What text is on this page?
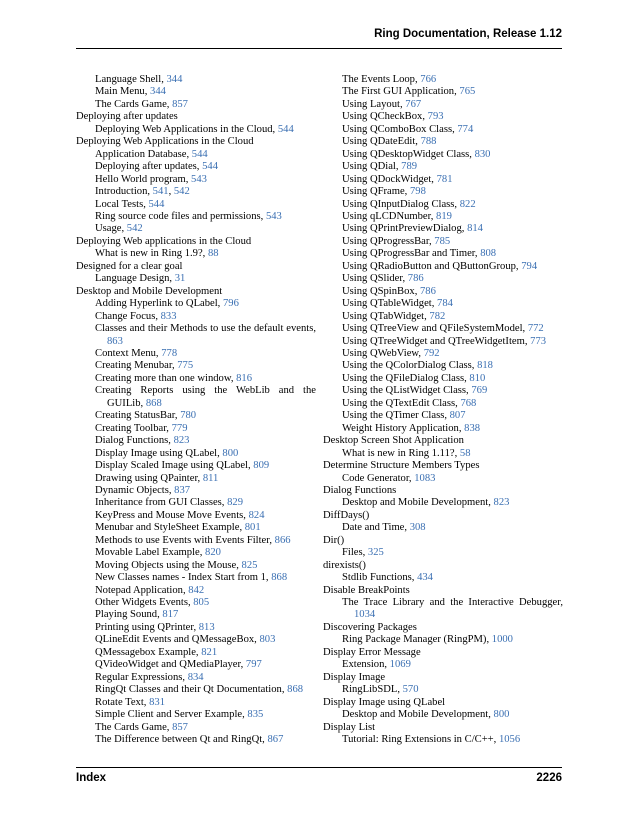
Ring Documentation, Release 1.12
Language Shell, 344
Main Menu, 344
The Cards Game, 857
Deploying after updates
Deploying Web Applications in the Cloud, 544
Deploying Web Applications in the Cloud
Application Database, 544
Deploying after updates, 544
Hello World program, 543
Introduction, 541, 542
Local Tests, 544
Ring source code files and permissions, 543
Usage, 542
Deploying Web applications in the Cloud
What is new in Ring 1.9?, 88
Designed for a clear goal
Language Design, 31
Desktop and Mobile Development
Adding Hyperlink to QLabel, 796
Change Focus, 833
Classes and their Methods to use the default events, 863
Context Menu, 778
Creating Menubar, 775
Creating more than one window, 816
Creating Reports using the WebLib and the GUILib, 868
Creating StatusBar, 780
Creating Toolbar, 779
Dialog Functions, 823
Display Image using QLabel, 800
Display Scaled Image using QLabel, 809
Drawing using QPainter, 811
Dynamic Objects, 837
Inheritance from GUI Classes, 829
KeyPress and Mouse Move Events, 824
Menubar and StyleSheet Example, 801
Methods to use Events with Events Filter, 866
Movable Label Example, 820
Moving Objects using the Mouse, 825
New Classes names - Index Start from 1, 868
Notepad Application, 842
Other Widgets Events, 805
Playing Sound, 817
Printing using QPrinter, 813
QLineEdit Events and QMessageBox, 803
QMessagebox Example, 821
QVideoWidget and QMediaPlayer, 797
Regular Expressions, 834
RingQt Classes and their Qt Documentation, 868
Rotate Text, 831
Simple Client and Server Example, 835
The Cards Game, 857
The Difference between Qt and RingQt, 867
The Events Loop, 766
The First GUI Application, 765
Using Layout, 767
Using QCheckBox, 793
Using QComboBox Class, 774
Using QDateEdit, 788
Using QDesktopWidget Class, 830
Using QDial, 789
Using QDockWidget, 781
Using QFrame, 798
Using QInputDialog Class, 822
Using qLCDNumber, 819
Using QPrintPreviewDialog, 814
Using QProgressBar, 785
Using QProgressBar and Timer, 808
Using QRadioButton and QButtonGroup, 794
Using QSlider, 786
Using QSpinBox, 786
Using QTableWidget, 784
Using QTabWidget, 782
Using QTreeView and QFileSystemModel, 772
Using QTreeWidget and QTreeWidgetItem, 773
Using QWebView, 792
Using the QColorDialog Class, 818
Using the QFileDialog Class, 810
Using the QListWidget Class, 769
Using the QTextEdit Class, 768
Using the QTimer Class, 807
Weight History Application, 838
Desktop Screen Shot Application
What is new in Ring 1.11?, 58
Determine Structure Members Types
Code Generator, 1083
Dialog Functions
Desktop and Mobile Development, 823
DiffDays()
Date and Time, 308
Dir()
Files, 325
direxists()
Stdlib Functions, 434
Disable BreakPoints
The Trace Library and the Interactive Debugger, 1034
Discovering Packages
Ring Package Manager (RingPM), 1000
Display Error Message
Extension, 1069
Display Image
RingLibSDL, 570
Display Image using QLabel
Desktop and Mobile Development, 800
Display List
Tutorial: Ring Extensions in C/C++, 1056
Index	2226
